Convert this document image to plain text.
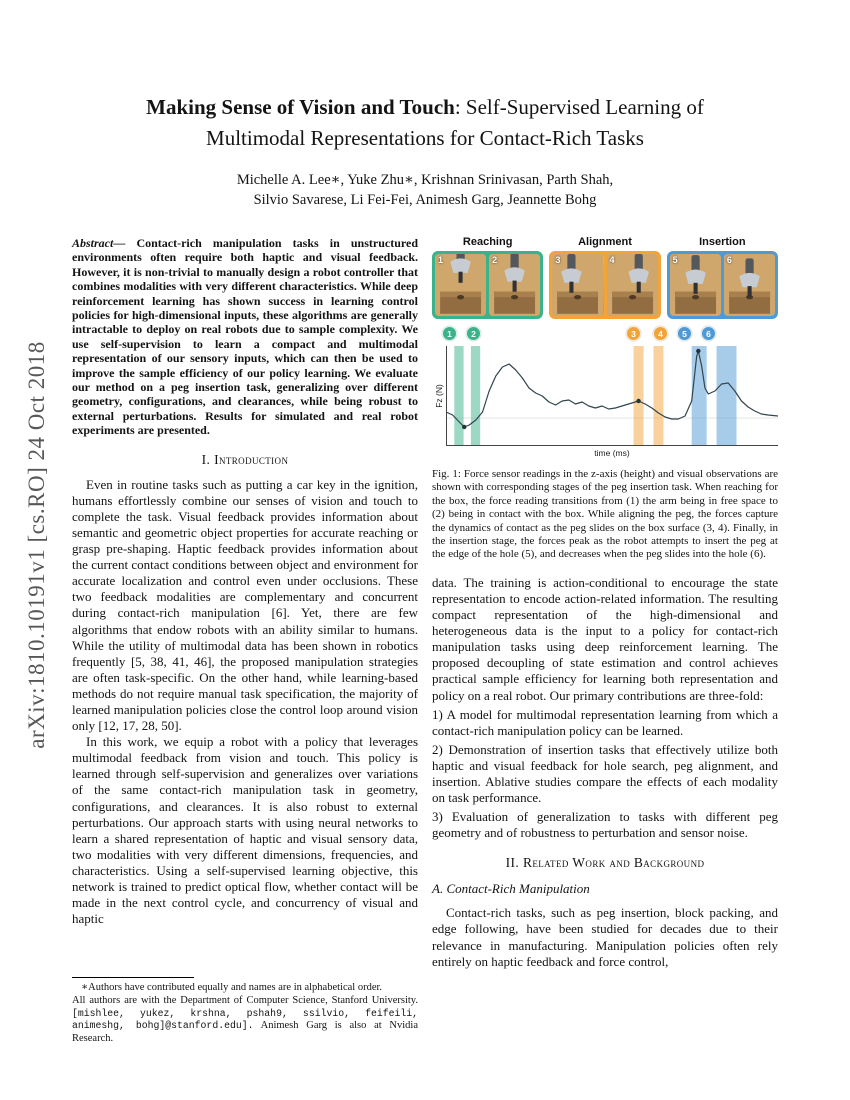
arXiv:1810.10191v1 [cs.RO] 24 Oct 2018
Making Sense of Vision and Touch: Self-Supervised Learning of
Multimodal Representations for Contact-Rich Tasks
Michelle A. Lee∗, Yuke Zhu∗, Krishnan Srinivasan, Parth Shah,
Silvio Savarese, Li Fei-Fei, Animesh Garg, Jeannette Bohg

Abstract— Contact-rich manipulation tasks in unstructured environments often require both haptic and visual feedback. However, it is non-trivial to manually design a robot controller that combines modalities with very different characteristics. While deep reinforcement learning has shown success in learning control policies for high-dimensional inputs, these algorithms are generally intractable to deploy on real robots due to sample complexity. We use self-supervision to learn a compact and multimodal representation of our sensory inputs, which can then be used to improve the sample efficiency of our policy learning. We evaluate our method on a peg insertion task, generalizing over different geometry, configurations, and clearances, while being robust to external perturbations. Results for simulated and real robot experiments are presented.

I. Introduction

Even in routine tasks such as putting a car key in the ignition, humans effortlessly combine our senses of vision and touch to complete the task. Visual feedback provides information about semantic and geometric object properties for accurate reaching or grasp pre-shaping. Haptic feedback provides information about the current contact conditions between object and environment for accurate localization and control even under occlusions. These two feedback modalities are complementary and concurrent during contact-rich manipulation [6]. Yet, there are few algorithms that endow robots with an ability similar to humans. While the utility of multimodal data has been shown in robotics frequently [5, 38, 41, 46], the proposed manipulation strategies are often task-specific. On the other hand, while learning-based methods do not require manual task specification, the majority of learned manipulation policies close the control loop around vision only [12, 17, 28, 50].

In this work, we equip a robot with a policy that leverages multimodal feedback from vision and touch. This policy is learned through self-supervision and generalizes over variations of the same contact-rich manipulation task in geometry, configurations, and clearances. It is also robust to external perturbations. Our approach starts with using neural networks to learn a shared representation of haptic and visual sensory data, two modalities with very different dimensions, frequencies, and characteristics. Using a self-supervised learning objective, this network is trained to predict optical flow, whether contact will be made in the next control cycle, and concurrency of visual and haptic

∗Authors have contributed equally and names are in alphabetical order.
All authors are with the Department of Computer Science, Stanford University. [mishlee, yukez, krshna, pshah9, ssilvio, feifeili, animeshg, bohg]@stanford.edu]. Animesh Garg is also at Nvidia Research.
Reaching
1	2
Alignment
3	4
Insertion
5	6
1	2	3	4	5	6
Fz (N)
time (ms)

Fig. 1: Force sensor readings in the z-axis (height) and visual observations are shown with corresponding stages of the peg insertion task. When reaching for the box, the force reading transitions from (1) the arm being in free space to (2) being in contact with the box. While aligning the peg, the forces capture the dynamics of contact as the peg slides on the box surface (3, 4). Finally, in the insertion stage, the forces peak as the robot attempts to insert the peg at the edge of the hole (5), and decreases when the peg slides into the hole (6).

data. The training is action-conditional to encourage the state representation to encode action-related information. The resulting compact representation of the high-dimensional and heterogeneous data is the input to a policy for contact-rich manipulation tasks using deep reinforcement learning. The proposed decoupling of state estimation and control achieves practical sample efficiency for learning both representation and policy on a real robot. Our primary contributions are three-fold:

1) A model for multimodal representation learning from which a contact-rich manipulation policy can be learned.

2) Demonstration of insertion tasks that effectively utilize both haptic and visual feedback for hole search, peg alignment, and insertion. Ablative studies compare the effects of each modality on task performance.

3) Evaluation of generalization to tasks with different peg geometry and of robustness to perturbation and sensor noise.

II. Related Work and Background
A. Contact-Rich Manipulation

Contact-rich tasks, such as peg insertion, block packing, and edge following, have been studied for decades due to their relevance in manufacturing. Manipulation policies often rely entirely on haptic feedback and force control,
